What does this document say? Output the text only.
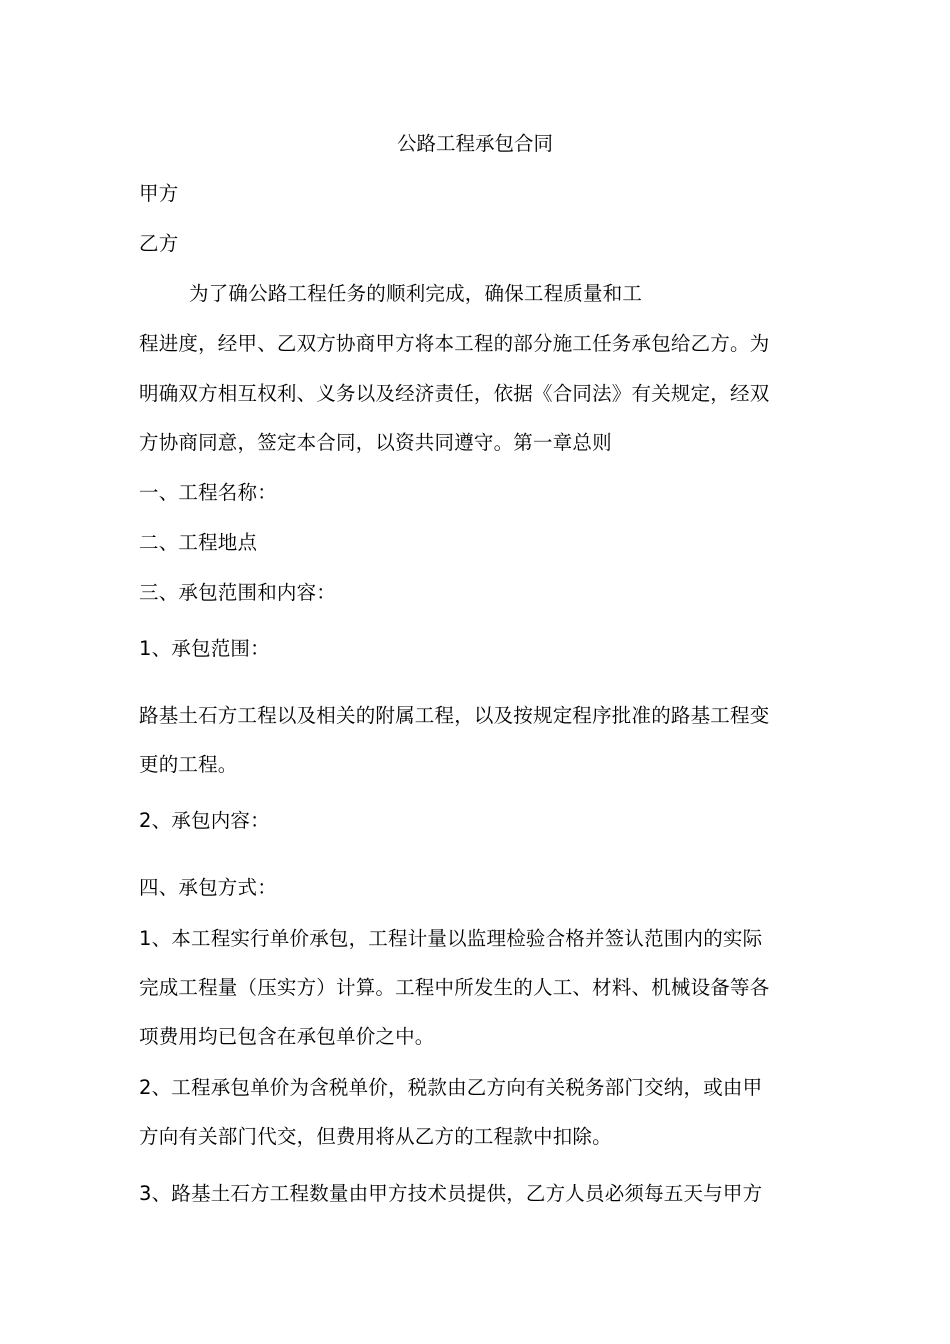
公路工程承包合同
甲方
乙方
为了确公路工程任务的顺利完成，确保工程质量和工
程进度，经甲、乙双方协商甲方将本工程的部分施工任务承包给乙方。为
明确双方相互权利、义务以及经济责任，依据《合同法》有关规定，经双
方协商同意，签定本合同，以资共同遵守。第一章总则
一、工程名称：
二、工程地点
三、承包范围和内容：
1、承包范围：
路基土石方工程以及相关的附属工程，以及按规定程序批准的路基工程变
更的工程。
2、承包内容：
四、承包方式：
1、本工程实行单价承包，工程计量以监理检验合格并签认范围内的实际
完成工程量（压实方）计算。工程中所发生的人工、材料、机械设备等各
项费用均已包含在承包单价之中。
2、工程承包单价为含税单价，税款由乙方向有关税务部门交纳，或由甲
方向有关部门代交，但费用将从乙方的工程款中扣除。
3、路基土石方工程数量由甲方技术员提供，乙方人员必须每五天与甲方
